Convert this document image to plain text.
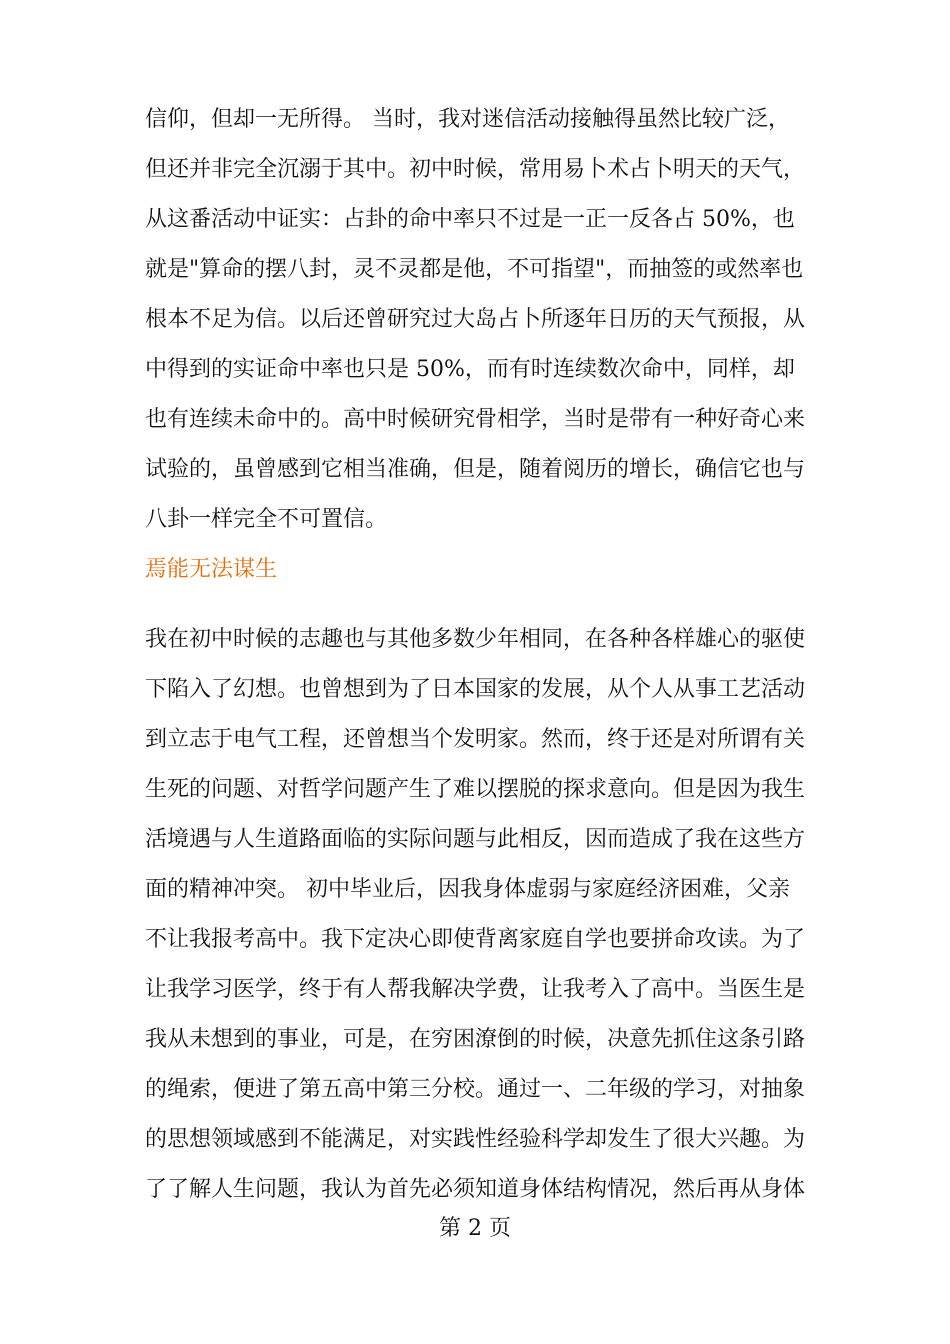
信仰，但却一无所得。 当时，我对迷信活动接触得虽然比较广泛，
但还并非完全沉溺于其中。初中时候，常用易卜术占卜明天的天气，
从这番活动中证实：占卦的命中率只不过是一正一反各占 50%，也
就是"算命的摆八封，灵不灵都是他，不可指望"，而抽签的或然率也
根本不足为信。以后还曾研究过大岛占卜所逐年日历的天气预报，从
中得到的实证命中率也只是 50%，而有时连续数次命中，同样，却
也有连续未命中的。高中时候研究骨相学，当时是带有一种好奇心来
试验的，虽曾感到它相当准确，但是，随着阅历的增长，确信它也与
八卦一样完全不可置信。
焉能无法谋生
我在初中时候的志趣也与其他多数少年相同，在各种各样雄心的驱使
下陷入了幻想。也曾想到为了日本国家的发展，从个人从事工艺活动
到立志于电气工程，还曾想当个发明家。然而，终于还是对所谓有关
生死的问题、对哲学问题产生了难以摆脱的探求意向。但是因为我生
活境遇与人生道路面临的实际问题与此相反，因而造成了我在这些方
面的精神冲突。 初中毕业后，因我身体虚弱与家庭经济困难，父亲
不让我报考高中。我下定决心即使背离家庭自学也要拼命攻读。为了
让我学习医学，终于有人帮我解决学费，让我考入了高中。当医生是
我从未想到的事业，可是，在穷困潦倒的时候，决意先抓住这条引路
的绳索，便进了第五高中第三分校。通过一、二年级的学习，对抽象
的思想领域感到不能满足，对实践性经验科学却发生了很大兴趣。为
了了解人生问题，我认为首先必须知道身体结构情况，然后再从身体
第 2 页
